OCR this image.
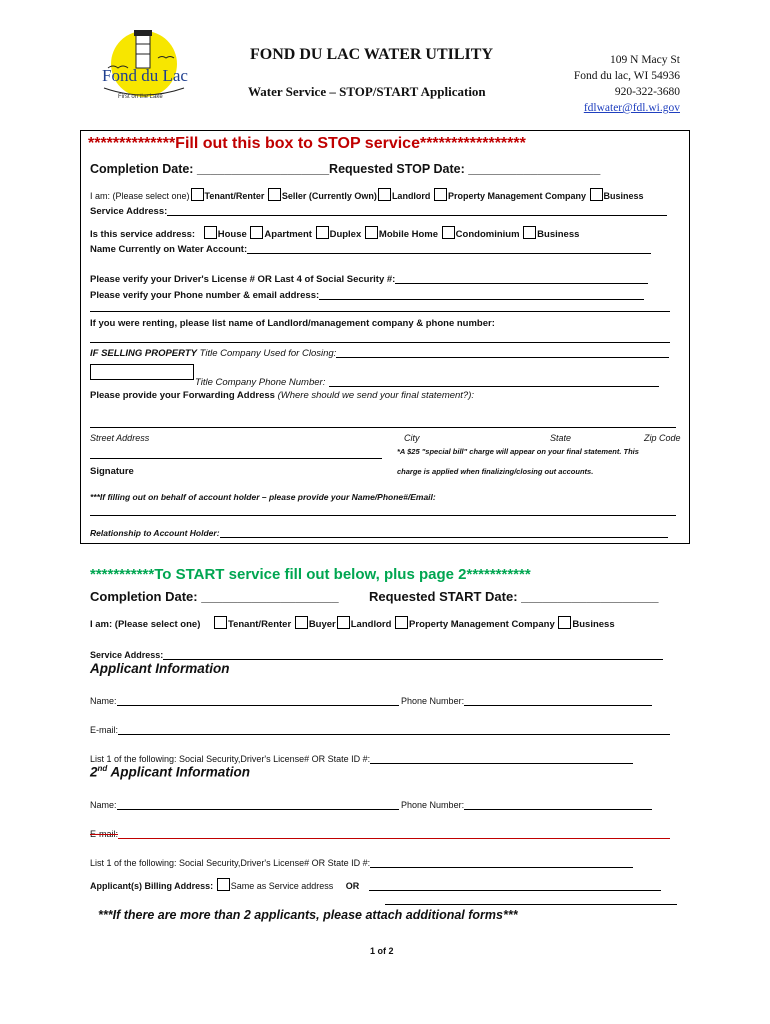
Fond du Lac
First on the Lake
FOND DU LAC WATER UTILITY
Water Service – STOP/START Application
109 N Macy St
Fond du lac, WI 54936
920-322-3680
fdlwater@fdl.wi.gov
**************Fill out this box to STOP service*****************
Completion Date: ___________________Requested STOP Date: ___________________
I am: (Please select one) Tenant/Renter Seller (Currently Own) Landlord Property Management Company Business
Service Address:
Is this service address: House Apartment Duplex Mobile Home Condominium Business
Name Currently on Water Account:
Please verify your Driver's License # OR Last 4 of Social Security #:
Please verify your Phone number & email address:
If you were renting, please list name of Landlord/management company & phone number:
IF SELLING PROPERTY Title Company Used for Closing:
Title Company Phone Number:
Please provide your Forwarding Address (Where should we send your final statement?):
Street Address	City	State	Zip Code
*A $25 "special bill" charge will appear on your final statement. This
Signature	charge is applied when finalizing/closing out accounts.
***If filling out on behalf of account holder – please provide your Name/Phone#/Email:
Relationship to Account Holder:
***********To START service fill out below, plus page 2***********
Completion Date: ___________________ Requested START Date: ___________________
I am: (Please select one)	Tenant/Renter Buyer Landlord Property Management Company Business
Service Address:
Applicant Information
Name:	Phone Number:
E-mail:
List 1 of the following: Social Security,Driver's License# OR State ID #:
2nd Applicant Information
Name:	Phone Number:
E-mail:
List 1 of the following: Social Security,Driver's License# OR State ID #:
Applicant(s) Billing Address: Same as Service address OR
***If there are more than 2 applicants, please attach additional forms***
1 of 2
